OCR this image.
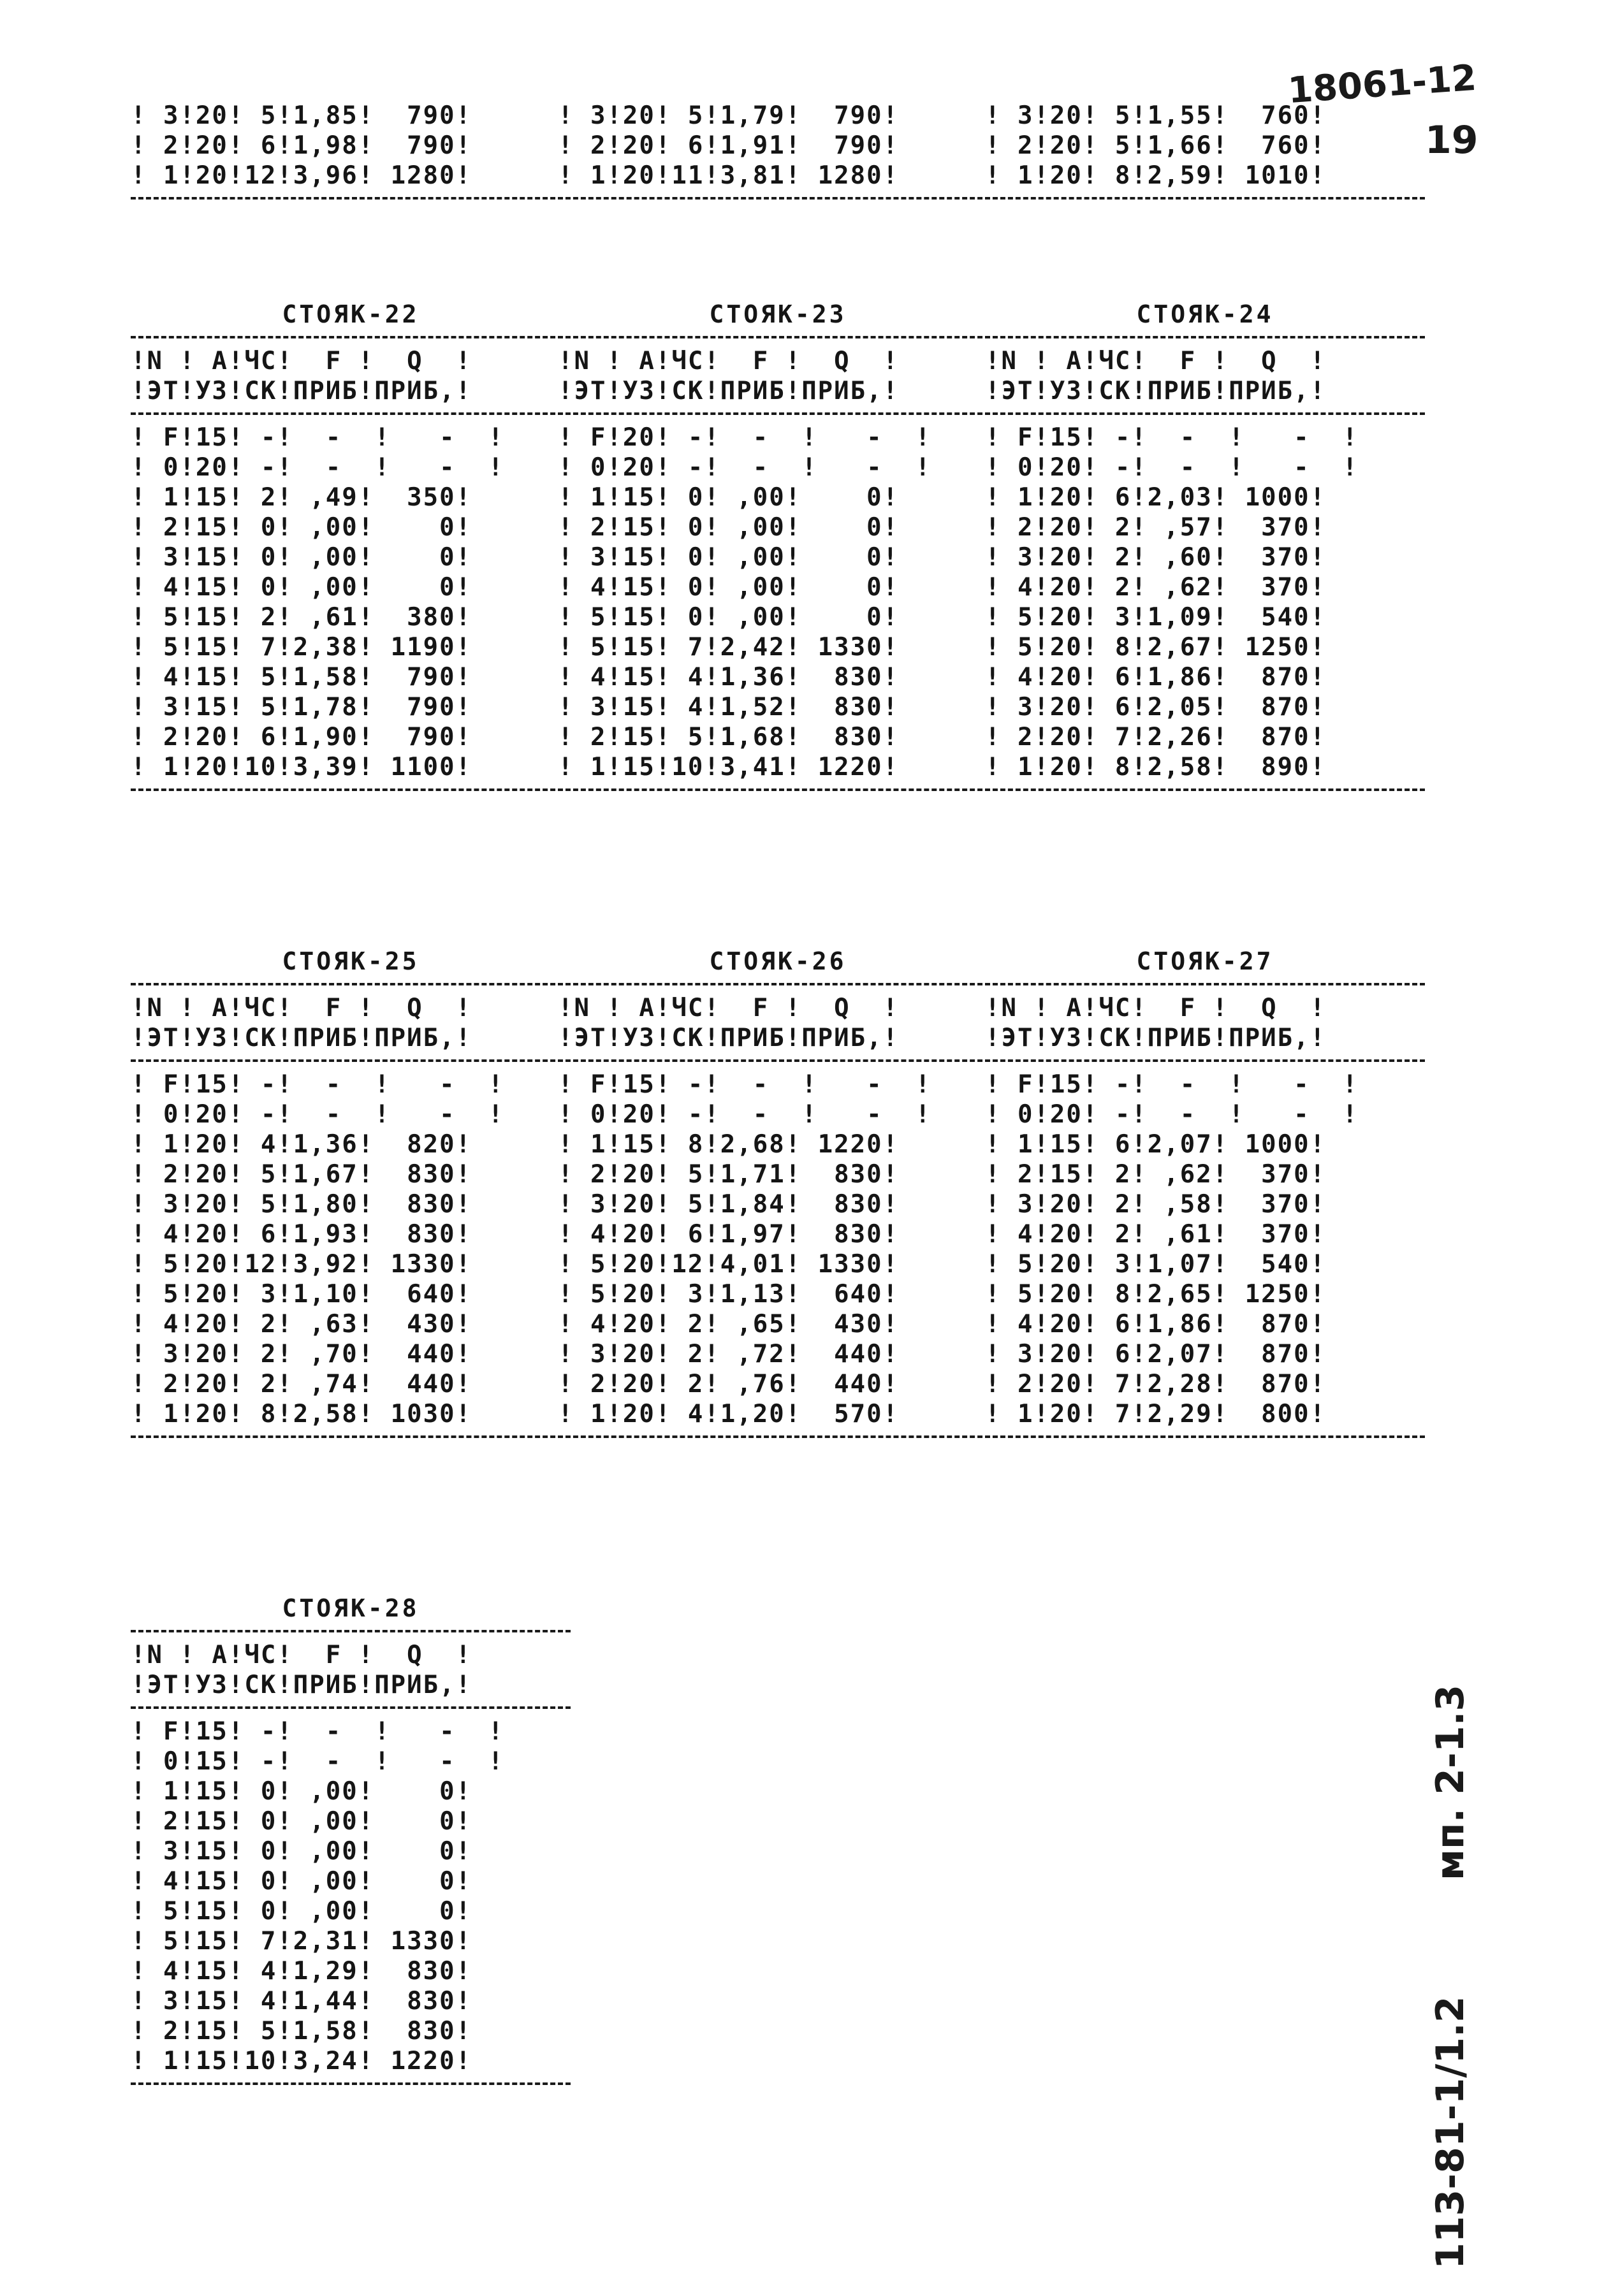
18061-12
19
мп. 2-1.3
113-81-1/1.2
! 3!20! 5!1,85!  790!
! 2!20! 6!1,98!  790!
! 1!20!12!3,96! 1280!
! 3!20! 5!1,79!  790!
! 2!20! 6!1,91!  790!
! 1!20!11!3,81! 1280!
! 3!20! 5!1,55!  760!
! 2!20! 5!1,66!  760!
! 1!20! 8!2,59! 1010!
СТОЯК-22
!N ! А!ЧС!  F !  Q  !
!ЭТ!УЗ!СК!ПРИБ!ПРИБ,!
! F!15! -!  -  !   -  !
! 0!20! -!  -  !   -  !
! 1!15! 2! ,49!  350!
! 2!15! 0! ,00!    0!
! 3!15! 0! ,00!    0!
! 4!15! 0! ,00!    0!
! 5!15! 2! ,61!  380!
! 5!15! 7!2,38! 1190!
! 4!15! 5!1,58!  790!
! 3!15! 5!1,78!  790!
! 2!20! 6!1,90!  790!
! 1!20!10!3,39! 1100!
СТОЯК-23
!N ! А!ЧС!  F !  Q  !
!ЭТ!УЗ!СК!ПРИБ!ПРИБ,!
! F!20! -!  -  !   -  !
! 0!20! -!  -  !   -  !
! 1!15! 0! ,00!    0!
! 2!15! 0! ,00!    0!
! 3!15! 0! ,00!    0!
! 4!15! 0! ,00!    0!
! 5!15! 0! ,00!    0!
! 5!15! 7!2,42! 1330!
! 4!15! 4!1,36!  830!
! 3!15! 4!1,52!  830!
! 2!15! 5!1,68!  830!
! 1!15!10!3,41! 1220!
СТОЯК-24
!N ! А!ЧС!  F !  Q  !
!ЭТ!УЗ!СК!ПРИБ!ПРИБ,!
! F!15! -!  -  !   -  !
! 0!20! -!  -  !   -  !
! 1!20! 6!2,03! 1000!
! 2!20! 2! ,57!  370!
! 3!20! 2! ,60!  370!
! 4!20! 2! ,62!  370!
! 5!20! 3!1,09!  540!
! 5!20! 8!2,67! 1250!
! 4!20! 6!1,86!  870!
! 3!20! 6!2,05!  870!
! 2!20! 7!2,26!  870!
! 1!20! 8!2,58!  890!
СТОЯК-25
!N ! А!ЧС!  F !  Q  !
!ЭТ!УЗ!СК!ПРИБ!ПРИБ,!
! F!15! -!  -  !   -  !
! 0!20! -!  -  !   -  !
! 1!20! 4!1,36!  820!
! 2!20! 5!1,67!  830!
! 3!20! 5!1,80!  830!
! 4!20! 6!1,93!  830!
! 5!20!12!3,92! 1330!
! 5!20! 3!1,10!  640!
! 4!20! 2! ,63!  430!
! 3!20! 2! ,70!  440!
! 2!20! 2! ,74!  440!
! 1!20! 8!2,58! 1030!
СТОЯК-26
!N ! А!ЧС!  F !  Q  !
!ЭТ!УЗ!СК!ПРИБ!ПРИБ,!
! F!15! -!  -  !   -  !
! 0!20! -!  -  !   -  !
! 1!15! 8!2,68! 1220!
! 2!20! 5!1,71!  830!
! 3!20! 5!1,84!  830!
! 4!20! 6!1,97!  830!
! 5!20!12!4,01! 1330!
! 5!20! 3!1,13!  640!
! 4!20! 2! ,65!  430!
! 3!20! 2! ,72!  440!
! 2!20! 2! ,76!  440!
! 1!20! 4!1,20!  570!
СТОЯК-27
!N ! А!ЧС!  F !  Q  !
!ЭТ!УЗ!СК!ПРИБ!ПРИБ,!
! F!15! -!  -  !   -  !
! 0!20! -!  -  !   -  !
! 1!15! 6!2,07! 1000!
! 2!15! 2! ,62!  370!
! 3!20! 2! ,58!  370!
! 4!20! 2! ,61!  370!
! 5!20! 3!1,07!  540!
! 5!20! 8!2,65! 1250!
! 4!20! 6!1,86!  870!
! 3!20! 6!2,07!  870!
! 2!20! 7!2,28!  870!
! 1!20! 7!2,29!  800!
СТОЯК-28
!N ! А!ЧС!  F !  Q  !
!ЭТ!УЗ!СК!ПРИБ!ПРИБ,!
! F!15! -!  -  !   -  !
! 0!15! -!  -  !   -  !
! 1!15! 0! ,00!    0!
! 2!15! 0! ,00!    0!
! 3!15! 0! ,00!    0!
! 4!15! 0! ,00!    0!
! 5!15! 0! ,00!    0!
! 5!15! 7!2,31! 1330!
! 4!15! 4!1,29!  830!
! 3!15! 4!1,44!  830!
! 2!15! 5!1,58!  830!
! 1!15!10!3,24! 1220!
